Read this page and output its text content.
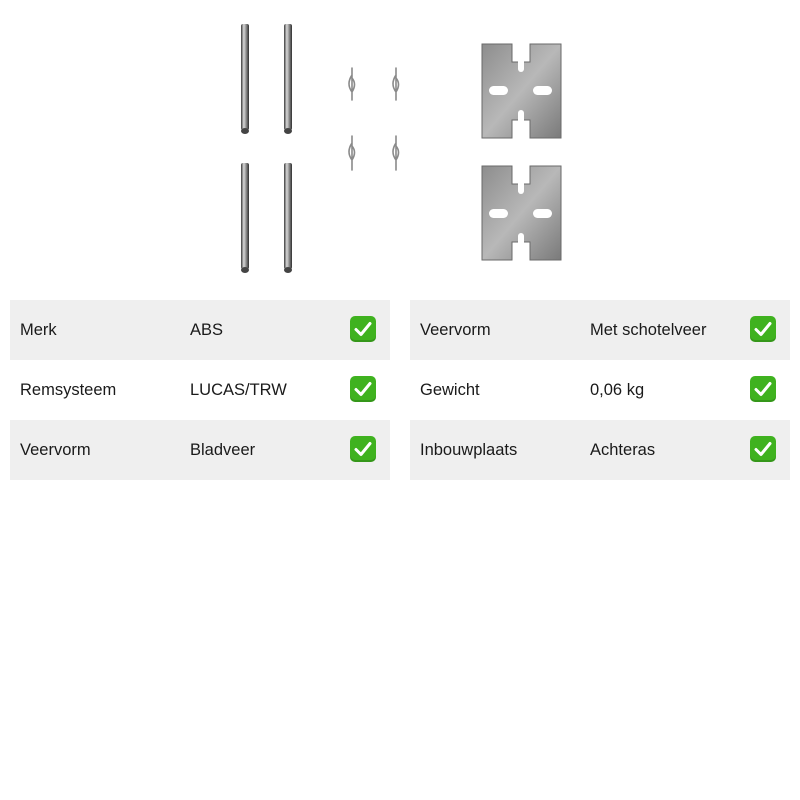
Merk	ABS
Remsysteem	LUCAS/TRW
Veervorm	Bladveer
Veervorm	Met schotelveer
Gewicht	0,06 kg
Inbouwplaats	Achteras
